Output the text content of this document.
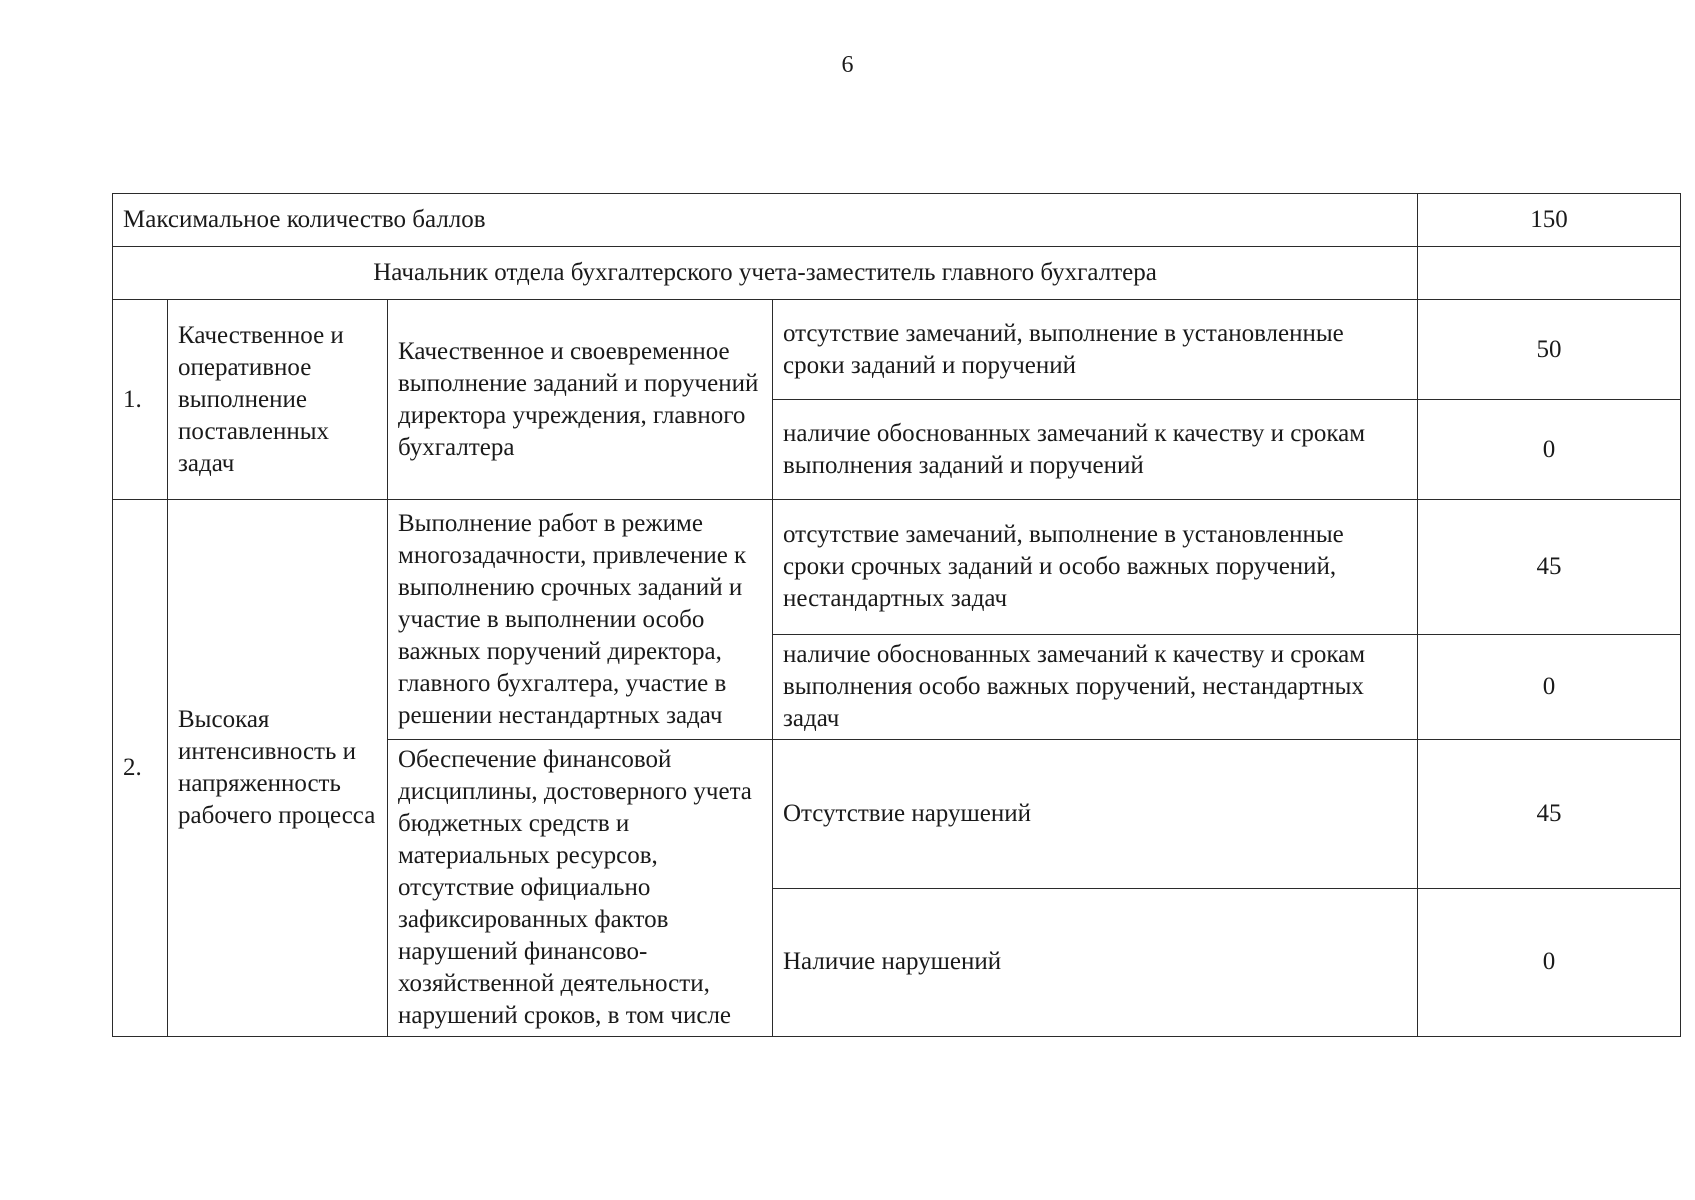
6
Максимальное количество баллов				150
Начальник отдела бухгалтерского учета-заместитель главного бухгалтера				
1.	Качественное и оперативное выполнение поставленных задач	Качественное и своевременное выполнение заданий и поручений директора учреждения, главного бухгалтера	отсутствие замечаний, выполнение в установленные сроки заданий и поручений	50
			наличие обоснованных замечаний к качеству и срокам выполнения заданий и поручений	0
2.	Высокая интенсивность и напряженность рабочего процесса	Выполнение работ в режиме многозадачности, привлечение к выполнению срочных заданий и участие в выполнении особо важных поручений директора, главного бухгалтера, участие в решении нестандартных задач	отсутствие замечаний, выполнение в установленные сроки срочных заданий и особо важных поручений, нестандартных задач	45
			наличие обоснованных замечаний к качеству и срокам выполнения особо важных поручений, нестандартных задач	0
		Обеспечение финансовой дисциплины, достоверного учета бюджетных средств и материальных ресурсов, отсутствие официально зафиксированных фактов нарушений финансово-хозяйственной деятельности, нарушений сроков, в том числе	Отсутствие нарушений	45
			Наличие нарушений	0
